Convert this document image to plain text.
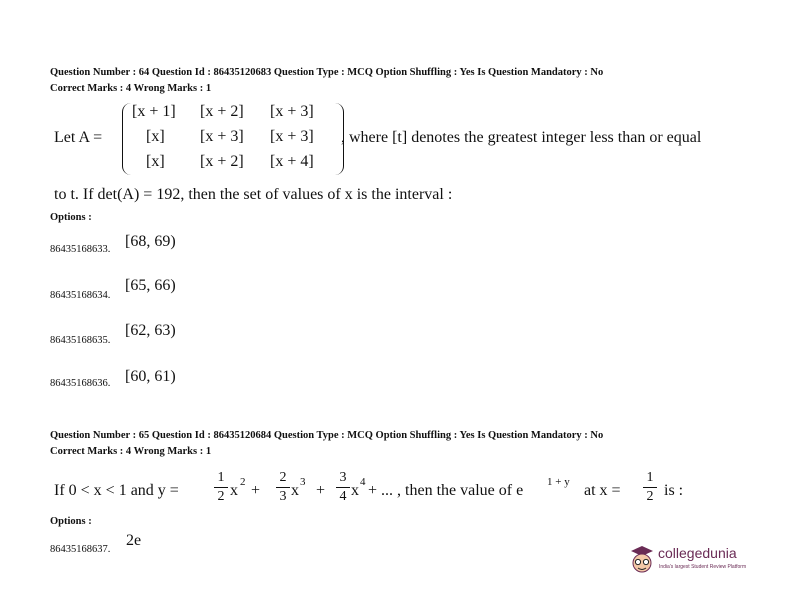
Question Number : 64 Question Id : 86435120683 Question Type : MCQ Option Shuffling : Yes Is Question Mandatory : No
Correct Marks : 4 Wrong Marks : 1
Let A =
[x + 1] [x + 2] [x + 3]
[x] [x + 3] [x + 3]
[x] [x + 2] [x + 4]
, where [t] denotes the greatest integer less than or equal
to t. If det(A) = 192, then the set of values of x is the interval :
Options :
86435168633. [68, 69)
86435168634.
[65, 66)
86435168635.
[62, 63)
86435168636. [60, 61)
Question Number : 65 Question Id : 86435120684 Question Type : MCQ Option Shuffling : Yes Is Question Mandatory : No
Correct Marks : 4 Wrong Marks : 1
If 0 < x < 1 and y =
1
2 x 2 +
2
3 x 3 +
3
4 x 4 + ... , then the value of e 1 + y at x =
1
2 is :
Options :
86435168637.
2e
collegedunia
India's largest Student Review Platform
